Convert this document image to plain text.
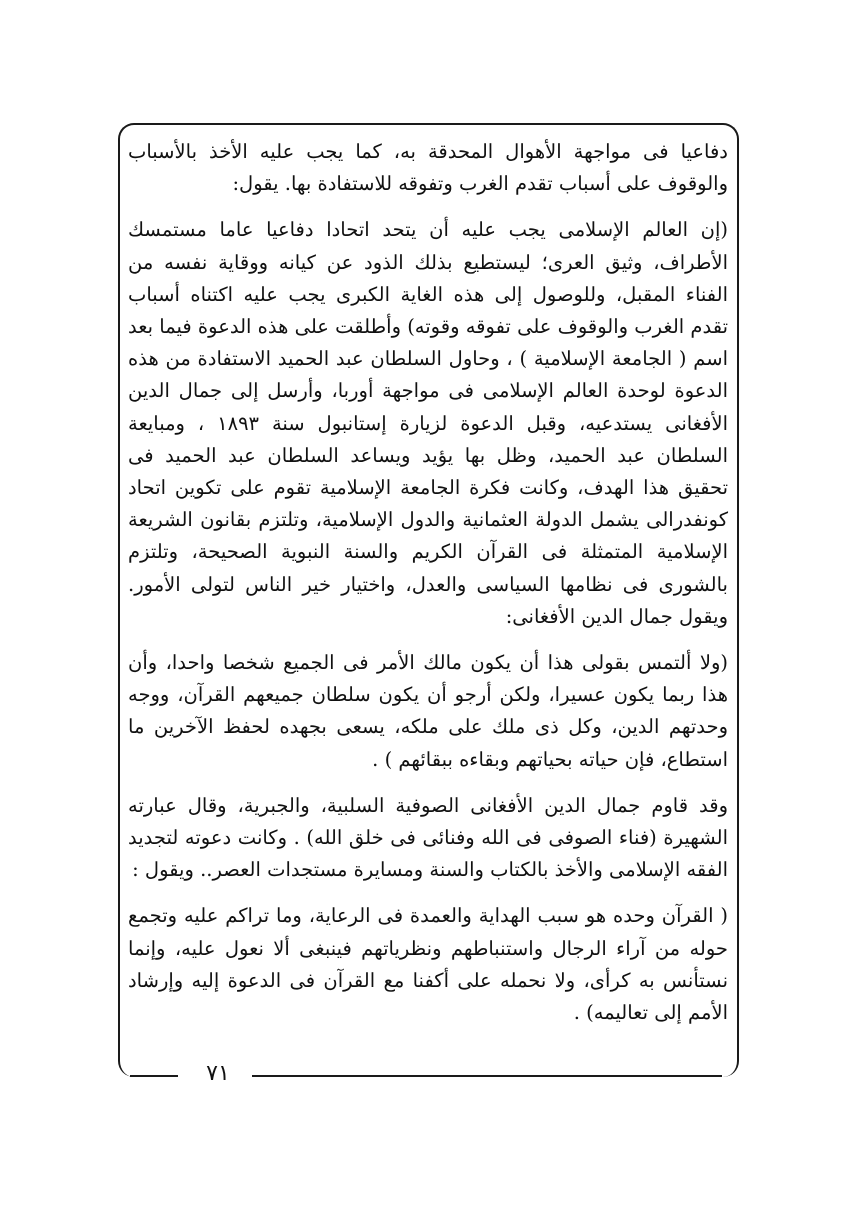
دفاعيا فى مواجهة الأهوال المحدقة به، كما يجب عليه الأخذ بالأسباب والوقوف على أسباب تقدم الغرب وتفوقه للاستفادة بها. يقول:

(إن العالم الإسلامى يجب عليه أن يتحد اتحادا دفاعيا عاما مستمسك الأطراف، وثيق العرى؛ ليستطيع بذلك الذود عن كيانه ووقاية نفسه من الفناء المقبل، وللوصول إلى هذه الغاية الكبرى يجب عليه اكتناه أسباب تقدم الغرب والوقوف على تفوقه وقوته) وأطلقت على هذه الدعوة فيما بعد اسم ( الجامعة الإسلامية ) ، وحاول السلطان عبد الحميد الاستفادة من هذه الدعوة لوحدة العالم الإسلامى فى مواجهة أوربا، وأرسل إلى جمال الدين الأفغانى يستدعيه، وقبل الدعوة لزيارة إستانبول سنة ١٨٩٣ ، ومبايعة السلطان عبد الحميد، وظل بها يؤيد ويساعد السلطان عبد الحميد فى تحقيق هذا الهدف، وكانت فكرة الجامعة الإسلامية تقوم على تكوين اتحاد كونفدرالى يشمل الدولة العثمانية والدول الإسلامية، وتلتزم بقانون الشريعة الإسلامية المتمثلة فى القرآن الكريم والسنة النبوية الصحيحة، وتلتزم بالشورى فى نظامها السياسى والعدل، واختيار خير الناس لتولى الأمور. ويقول جمال الدين الأفغانى:

(ولا ألتمس بقولى هذا أن يكون مالك الأمر فى الجميع شخصا واحدا، وأن هذا ربما يكون عسيرا، ولكن أرجو أن يكون سلطان جميعهم القرآن، ووجه وحدتهم الدين، وكل ذى ملك على ملكه، يسعى بجهده لحفظ الآخرين ما استطاع، فإن حياته بحياتهم وبقاءه ببقائهم ) .

وقد قاوم جمال الدين الأفغانى الصوفية السلبية، والجبرية، وقال عبارته الشهيرة (فناء الصوفى فى الله وفنائى فى خلق الله) . وكانت دعوته لتجديد الفقه الإسلامى والأخذ بالكتاب والسنة ومسايرة مستجدات العصر.. ويقول :

( القرآن وحده هو سبب الهداية والعمدة فى الرعاية، وما تراكم عليه وتجمع حوله من آراء الرجال واستنباطهم ونظرياتهم فينبغى ألا نعول عليه، وإنما نستأنس به كرأى، ولا نحمله على أكفنا مع القرآن فى الدعوة إليه وإرشاد الأمم إلى تعاليمه) .

٧١
